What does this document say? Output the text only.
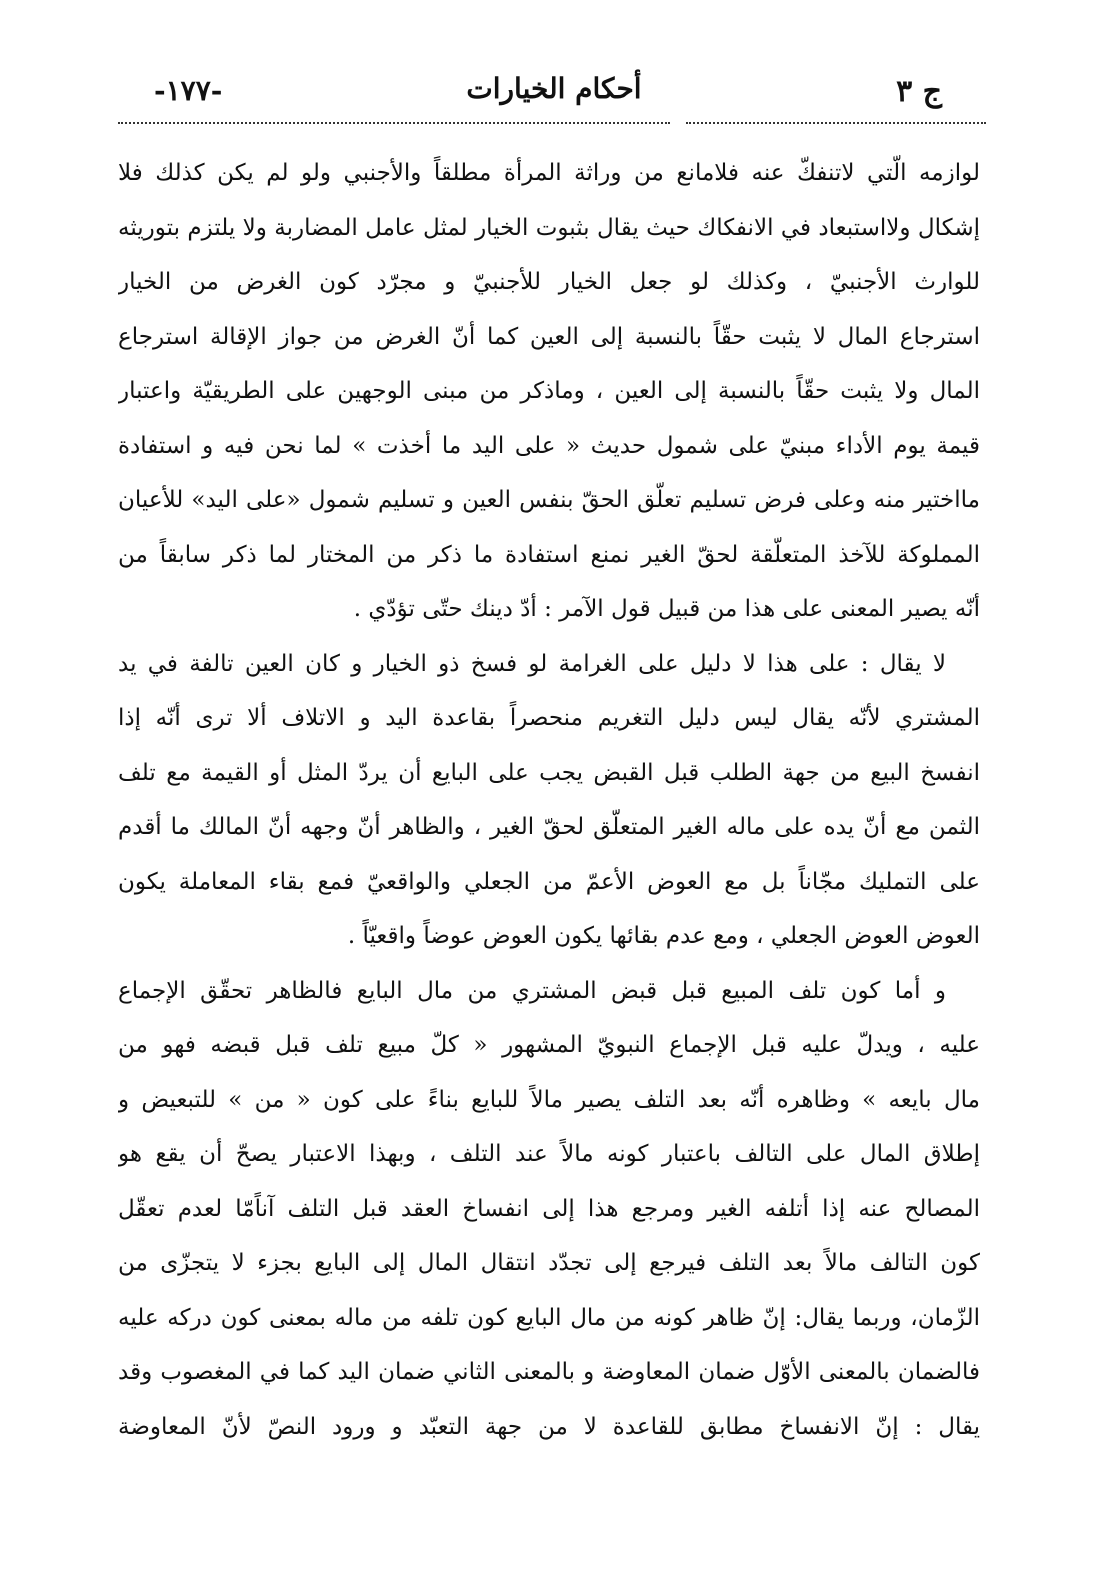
ج ٣
أحكام الخيارات
-١٧٧-
لوازمه الّتي لاتنفكّ عنه فلامانع من وراثة المرأة مطلقاً والأجنبي ولو لم يكن كذلك فلا
إشكال ولااستبعاد في الانفكاك حيث يقال بثبوت الخيار لمثل عامل المضاربة ولا يلتزم بتوريثه
للوارث الأجنبيّ ، وكذلك لو جعل الخيار للأجنبيّ و مجرّد كون الغرض من الخيار
استرجاع المال لا يثبت حقّاً بالنسبة إلى العين كما أنّ الغرض من جواز الإقالة استرجاع
المال ولا يثبت حقّاً بالنسبة إلى العين ، وماذكر من مبنى الوجهين على الطريقيّة واعتبار
قيمة يوم الأداء مبنيّ على شمول حديث « على اليد ما أخذت » لما نحن فيه و استفادة
مااختير منه وعلى فرض تسليم تعلّق الحقّ بنفس العين و تسليم شمول «على اليد» للأعيان
المملوكة للآخذ المتعلّقة لحقّ الغير نمنع استفادة ما ذكر من المختار لما ذكر سابقاً من
أنّه يصير المعنى على هذا من قبيل قول الآمر : أدّ دينك حتّى تؤدّي .
لا يقال : على هذا لا دليل على الغرامة لو فسخ ذو الخيار و كان العين تالفة في يد
المشتري لأنّه يقال ليس دليل التغريم منحصراً بقاعدة اليد و الاتلاف ألا ترى أنّه إذا
انفسخ البيع من جهة الطلب قبل القبض يجب على البايع أن يردّ المثل أو القيمة مع تلف
الثمن مع أنّ يده على ماله الغير المتعلّق لحقّ الغير ، والظاهر أنّ وجهه أنّ المالك ما أقدم
على التمليك مجّاناً بل مع العوض الأعمّ من الجعلي والواقعيّ فمع بقاء المعاملة يكون
العوض العوض الجعلي ، ومع عدم بقائها يكون العوض عوضاً واقعيّاً .
و أما كون تلف المبيع قبل قبض المشتري من مال البايع فالظاهر تحقّق الإجماع
عليه ، ويدلّ عليه قبل الإجماع النبويّ المشهور « كلّ مبيع تلف قبل قبضه فهو من
مال بايعه » وظاهره أنّه بعد التلف يصير مالاً للبايع بناءً على كون « من » للتبعيض و
إطلاق المال على التالف باعتبار كونه مالاً عند التلف ، وبهذا الاعتبار يصحّ أن يقع هو
المصالح عنه إذا أتلفه الغير ومرجع هذا إلى انفساخ العقد قبل التلف آناًمّا لعدم تعقّل
كون التالف مالاً بعد التلف فيرجع إلى تجدّد انتقال المال إلى البايع بجزء لا يتجزّى من
الزّمان، وربما يقال: إنّ ظاهر كونه من مال البايع كون تلفه من ماله بمعنى كون دركه عليه
فالضمان بالمعنى الأوّل ضمان المعاوضة و بالمعنى الثاني ضمان اليد كما في المغصوب وقد
يقال : إنّ الانفساخ مطابق للقاعدة لا من جهة التعبّد و ورود النصّ لأنّ المعاوضة
